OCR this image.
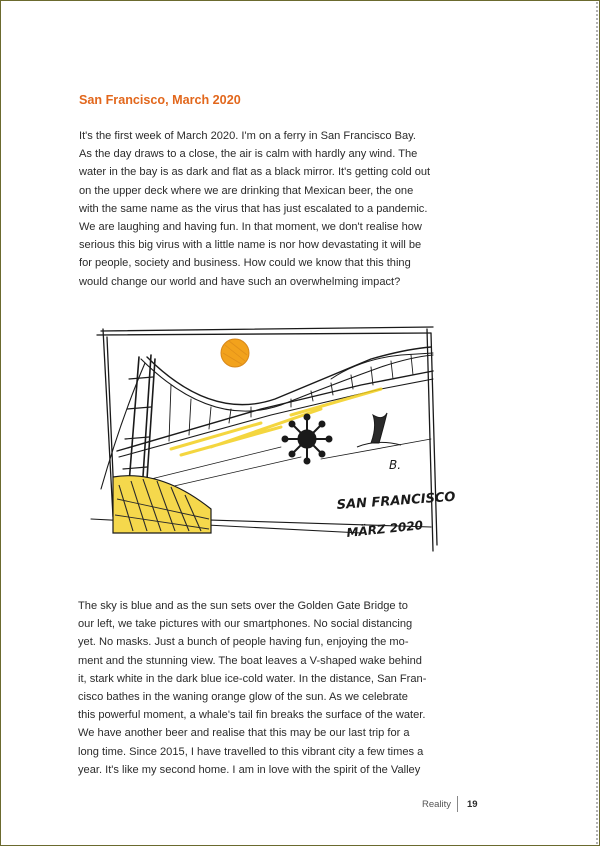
San Francisco, March 2020
It's the first week of March 2020. I'm on a ferry in San Francisco Bay.
As the day draws to a close, the air is calm with hardly any wind. The
water in the bay is as dark and flat as a black mirror. It's getting cold out
on the upper deck where we are drinking that Mexican beer, the one
with the same name as the virus that has just escalated to a pandemic.
We are laughing and having fun. In that moment, we don't realise how
serious this big virus with a little name is nor how devastating it will be
for people, society and business. How could we know that this thing
would change our world and have such an overwhelming impact?
B.
SAN FRANCISCO
MÄRZ 2020
The sky is blue and as the sun sets over the Golden Gate Bridge to
our left, we take pictures with our smartphones. No social distancing
yet. No masks. Just a bunch of people having fun, enjoying the mo-
ment and the stunning view. The boat leaves a V-shaped wake behind
it, stark white in the dark blue ice-cold water. In the distance, San Fran-
cisco bathes in the waning orange glow of the sun. As we celebrate
this powerful moment, a whale's tail fin breaks the surface of the water.
We have another beer and realise that this may be our last trip for a
long time. Since 2015, I have travelled to this vibrant city a few times a
year. It's like my second home. I am in love with the spirit of the Valley
Reality 19
